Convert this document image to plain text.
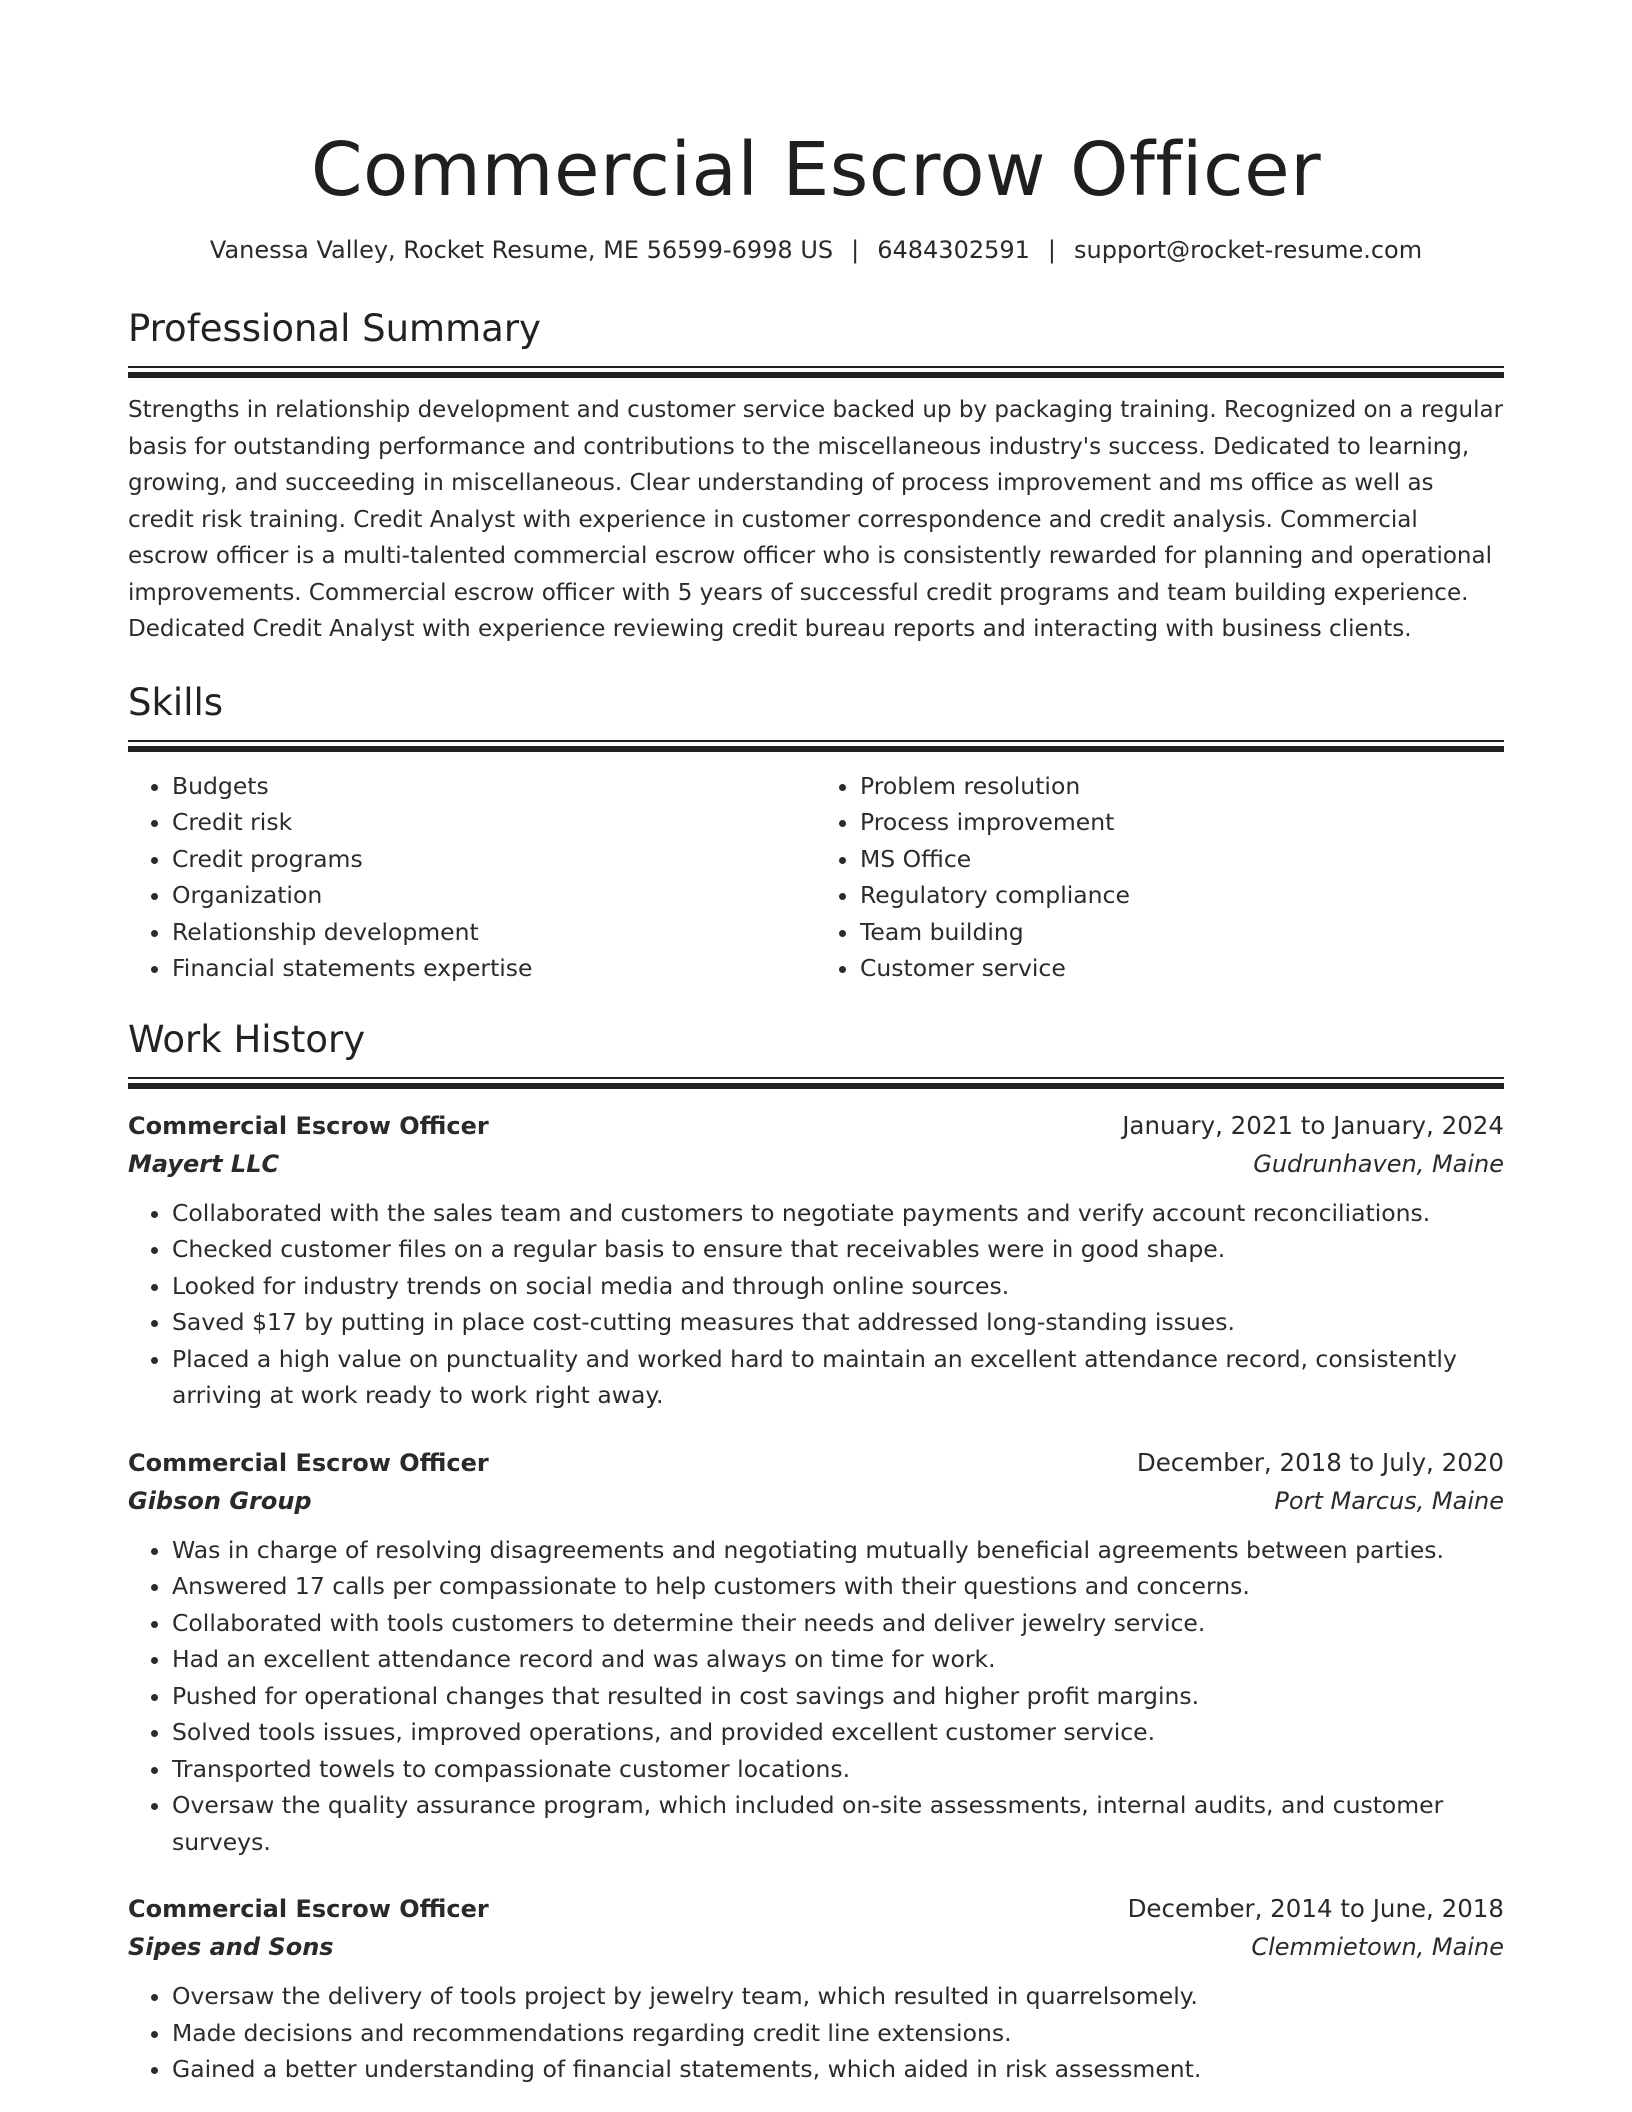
Commercial Escrow Officer
Vanessa Valley, Rocket Resume, ME 56599-6998 US | 6484302591 | support@rocket-resume.com
Professional Summary
Strengths in relationship development and customer service backed up by packaging training. Recognized on a regular basis for outstanding performance and contributions to the miscellaneous industry's success. Dedicated to learning, growing, and succeeding in miscellaneous. Clear understanding of process improvement and ms office as well as credit risk training. Credit Analyst with experience in customer correspondence and credit analysis. Commercial escrow officer is a multi-talented commercial escrow officer who is consistently rewarded for planning and operational improvements. Commercial escrow officer with 5 years of successful credit programs and team building experience. Dedicated Credit Analyst with experience reviewing credit bureau reports and interacting with business clients.
Skills
• Budgets
• Credit risk
• Credit programs
• Organization
• Relationship development
• Financial statements expertise
• Problem resolution
• Process improvement
• MS Office
• Regulatory compliance
• Team building
• Customer service
Work History
Commercial Escrow Officer	January, 2021 to January, 2024
Mayert LLC	Gudrunhaven, Maine
• Collaborated with the sales team and customers to negotiate payments and verify account reconciliations.
• Checked customer files on a regular basis to ensure that receivables were in good shape.
• Looked for industry trends on social media and through online sources.
• Saved $17 by putting in place cost-cutting measures that addressed long-standing issues.
• Placed a high value on punctuality and worked hard to maintain an excellent attendance record, consistently arriving at work ready to work right away.
Commercial Escrow Officer	December, 2018 to July, 2020
Gibson Group	Port Marcus, Maine
• Was in charge of resolving disagreements and negotiating mutually beneficial agreements between parties.
• Answered 17 calls per compassionate to help customers with their questions and concerns.
• Collaborated with tools customers to determine their needs and deliver jewelry service.
• Had an excellent attendance record and was always on time for work.
• Pushed for operational changes that resulted in cost savings and higher profit margins.
• Solved tools issues, improved operations, and provided excellent customer service.
• Transported towels to compassionate customer locations.
• Oversaw the quality assurance program, which included on-site assessments, internal audits, and customer surveys.
Commercial Escrow Officer	December, 2014 to June, 2018
Sipes and Sons	Clemmietown, Maine
• Oversaw the delivery of tools project by jewelry team, which resulted in quarrelsomely.
• Made decisions and recommendations regarding credit line extensions.
• Gained a better understanding of financial statements, which aided in risk assessment.
